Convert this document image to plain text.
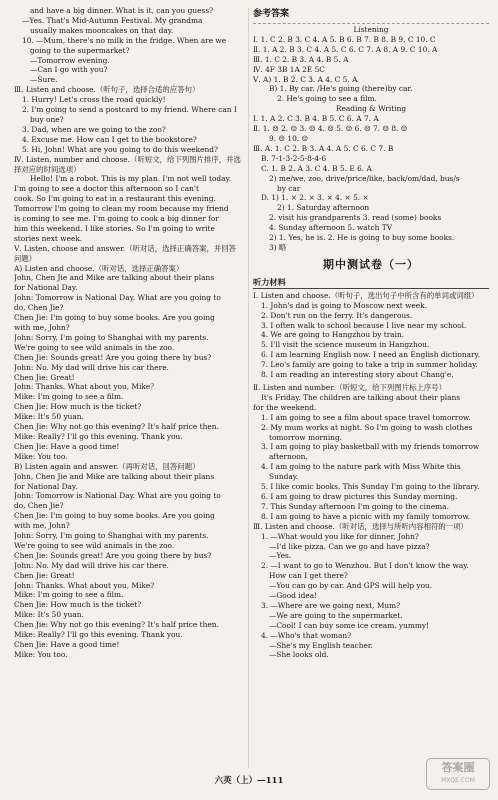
and have a big dinner. What is it, can you guess?
—Yes. That's Mid-Autumn Festival. My grandma
usually makes mooncakes on that day.
10. —Mum, there's no milk in the fridge. When are we
going to the supermarket?
—Tomorrow evening.
—Can I go with you?
—Sure.
Ⅲ. Listen and choose.（听句子，选择合适的应答句）
1. Hurry! Let's cross the road quickly!
2. I'm going to send a postcard to my friend. Where can I
buy one?
3. Dad, when are we going to the zoo?
4. Excuse me. How can I get to the bookstore?
5. Hi, John! What are you going to do this weekend?
Ⅳ. Listen, number and choose.（听短文，给下列图片排序，并选
择对应的时间选项）
Hello! I'm a robot. This is my plan. I'm not well today.
I'm going to see a doctor this afternoon so I can't
cook. So I'm going to eat in a restaurant this evening.
Tomorrow I'm going to clean my room because my friend
is coming to see me. I'm going to cook a big dinner for
him this weekend. I like stories. So I'm going to write
stories next week.
Ⅴ. Listen, choose and answer.（听对话，选择正确答案，并回答
问题）
A) Listen and choose.（听对话，选择正确答案）
John, Chen Jie and Mike are talking about their plans
for National Day.
John: Tomorrow is National Day. What are you going to
do, Chen Jie?
Chen Jie: I'm going to buy some books. Are you going
with me, John?
John: Sorry, I'm going to Shanghai with my parents.
We're going to see wild animals in the zoo.
Chen Jie: Sounds great! Are you going there by bus?
John: No. My dad will drive his car there.
Chen Jie: Great!
John: Thanks. What about you, Mike？
Mike: I'm going to see a film.
Chen Jie: How much is the ticket?
Mike: It's 50 yuan.
Chen Jie: Why not go this evening? It's half price then.
Mike: Really? I'll go this evening. Thank you.
Chen Jie: Have a good time!
Mike: You too.
B) Listen again and answer.（再听对话，回答问题）
John, Chen Jie and Mike are talking about their plans
for National Day.
John: Tomorrow is National Day. What are you going to
do, Chen Jie?
Chen Jie: I'm going to buy some books. Are you going
with me, John?
John: Sorry, I'm going to Shanghai with my parents.
We're going to see wild animals in the zoo.
Chen Jie: Sounds great! Are you going there by bus?
John: No. My dad will drive his car there.
Chen Jie: Great!
John: Thanks. What about you, Mike?
Mike: I'm going to see a film.
Chen Jie: How much is the ticket?
Mike: It's 50 yuan.
Chen Jie: Why not go this evening? It's half price then.
Mike: Really? I'll go this evening. Thank you.
Chen Jie: Have a good time!
Mike: You too.
参考答案
Listening
Ⅰ. 1. C 2. B 3. C 4. A 5. B 6. B 7. B 8. B 9. C 10. C
Ⅱ. 1. A 2. B 3. C 4. A 5. C 6. C 7. A 8. A 9. C 10. A
Ⅲ. 1. C 2. B 3. A 4. B 5. A
Ⅳ. 4F 3B 1A 2E 5C
Ⅴ. A) 1. B 2. C 3. A 4. C 5. A
B) 1. By car. /He's going (there)by car.
2. He's going to see a film.
Reading & Writing
Ⅰ. 1. A 2. C 3. B 4. B 5. C 6. A 7. A
Ⅱ. 1. ☹ 2. ☺ 3. ☹ 4. ☹ 5. ☺ 6. ☹ 7. ☺ 8. ☺
9. ☹ 10. ☺
Ⅲ. A. 1. C 2. B 3. A 4. A 5. C 6. C 7. B
B. 7-1-3-2-5-8-4-6
C. 1. B 2. A 3. C 4. B 5. E 6. A
2) me/we, zoo, drive/price/like, back/om/dad, bus/s
by car
D. 1) 1. × 2. × 3. × 4. × 5. ×
2) 1. Saturday afternoon
2. visit his grandparents 3. read (some) books
4. Sunday afternoon 5. watch TV
2) 1. Yes, he is. 2. He is going to buy some books.
3) 略
期中测试卷（一）
听力材料
Ⅰ. Listen and choose.（听句子，选出句子中所含有的单词或词组）
1. John's dad is going to Moscow next week.
2. Don't run on the ferry. It's dangerous.
3. I often walk to school because I live near my school.
4. We are going to Hangzhou by train.
5. I'll visit the science museum in Hangzhou.
6. I am learning English now. I need an English dictionary.
7. Leo's family are going to take a trip in summer holiday.
8. I am reading an interesting story about Chang'e.
Ⅱ. Listen and number.（听短文，给下列图片标上序号）
It's Friday. The children are talking about their plans
for the weekend.
1. I am going to see a film about space travel tomorrow.
2. My mum works at night. So I'm going to wash clothes
tomorrow morning.
3. I am going to play basketball with my friends tomorrow
afternoon.
4. I am going to the nature park with Miss White this
Sunday.
5. I like comic books. This Sunday I'm going to the library.
6. I am going to draw pictures this Sunday morning.
7. This Sunday afternoon I'm going to the cinema.
8. I am going to have a picnic with my family tomorrow.
Ⅲ. Listen and choose.（听对话，选择与所听内容相符的一项）
1. —What would you like for dinner, John?
—I'd like pizza. Can we go and have pizza?
—Yes.
2. —I want to go to Wenzhou. But I don't know the way.
How can I get there?
—You can go by car. And GPS will help you.
—Good idea!
3. —Where are we going next, Mum?
—We are going to the supermarket.
—Cool! I can buy some ice cream, yummy!
4. —Who's that woman?
—She's my English teacher.
—She looks old.
六英（上）—111
答案圈
MXQE.COM
